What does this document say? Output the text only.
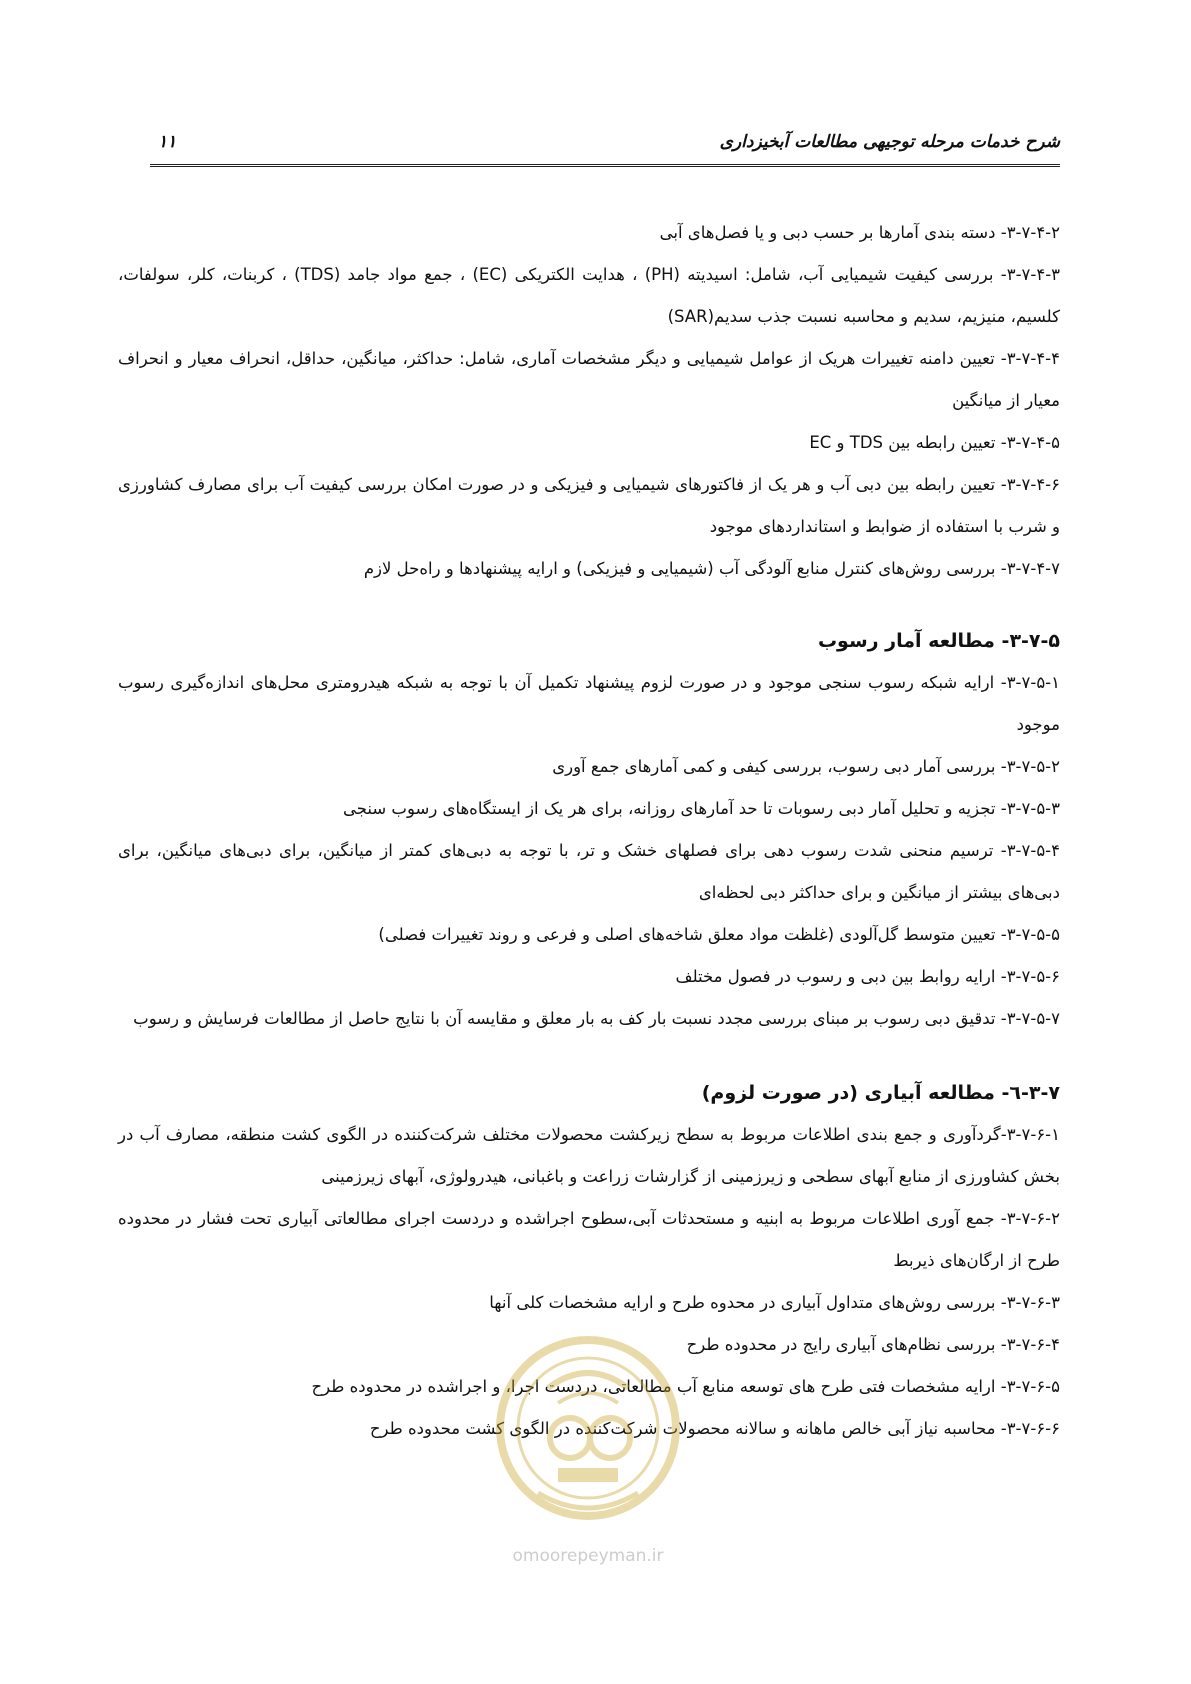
شرح خدمات مرحله توجیهی مطالعات آبخیزداری
۱۱

۳-۷-۴-۲- دسته بندی آمارها بر حسب دبی و یا فصل‌های آبی

۳-۷-۴-۳- بررسی کیفیت شیمیایی آب، شامل: اسیدیته (PH) ، هدایت الکتریکی (EC) ، جمع مواد جامد (TDS) ، کربنات، کلر، سولفات، کلسیم، منیزیم، سدیم و محاسبه نسبت جذب سدیم(SAR)

۳-۷-۴-۴- تعیین دامنه تغییرات هریک از عوامل شیمیایی و دیگر مشخصات آماری، شامل: حداکثر، میانگین، حداقل، انحراف معیار و انحراف معیار از میانگین

۳-۷-۴-۵- تعیین رابطه بین TDS و EC

۳-۷-۴-۶- تعیین رابطه بین دبی آب و هر یک از فاکتورهای شیمیایی و فیزیکی و در صورت امکان بررسی کیفیت آب برای مصارف کشاورزی و شرب با استفاده از ضوابط و استانداردهای موجود

۳-۷-۴-۷- بررسی روش‌های کنترل منابع آلودگی آب (شیمیایی و فیزیکی) و ارایه پیشنهادها و راه‌حل لازم

۳-۷-۵- مطالعه آمار رسوب

۳-۷-۵-۱- ارایه شبکه رسوب سنجی موجود و در صورت لزوم پیشنهاد تکمیل آن با توجه به شبکه هیدرومتری محل‌های اندازه‌گیری رسوب موجود

۳-۷-۵-۲- بررسی آمار دبی رسوب، بررسی کیفی و کمی آمارهای جمع آوری

۳-۷-۵-۳- تجزیه و تحلیل آمار دبی رسوبات تا حد آمارهای روزانه، برای هر یک از ایستگاه‌های رسوب سنجی

۳-۷-۵-۴- ترسیم منحنی شدت رسوب دهی برای فصلهای خشک و تر، با توجه به دبی‌های کمتر از میانگین، برای دبی‌های میانگین، برای دبی‌های بیشتر از میانگین و برای حداکثر دبی لحظه‌ای

۳-۷-۵-۵- تعیین متوسط گل‌آلودی (غلظت مواد معلق شاخه‌های اصلی و فرعی و روند تغییرات فصلی)

۳-۷-۵-۶- ارایه روابط بین دبی و رسوب در فصول مختلف

۳-۷-۵-۷- تدقیق دبی رسوب بر مبنای بررسی مجدد نسبت بار کف به بار معلق و مقایسه آن با نتایج حاصل از مطالعات فرسایش و رسوب

۳-۷-٦- مطالعه آبیاری (در صورت لزوم)

۳-۷-۶-۱-گردآوری و جمع بندی اطلاعات مربوط به سطح زیرکشت محصولات مختلف شرکت‌کننده در الگوی کشت منطقه، مصارف آب در بخش کشاورزی از منابع آبهای سطحی و زیرزمینی از گزارشات زراعت و باغبانی، هیدرولوژی، آبهای زیرزمینی

۳-۷-۶-۲- جمع آوری اطلاعات مربوط به ابنیه و مستحدثات آبی،سطوح اجراشده و دردست اجرای مطالعاتی آبیاری تحت فشار در محدوده طرح از ارگان‌های ذیربط

۳-۷-۶-۳- بررسی روش‌های متداول آبیاری در محدوه طرح و ارایه مشخصات کلی آنها

۳-۷-۶-۴- بررسی نظام‌های آبیاری رایج در محدوده طرح

۳-۷-۶-۵- ارایه مشخصات فتی طرح های توسعه منابع آب مطالعاتی، دردست اجرا، و اجراشده در محدوده طرح

۳-۷-۶-۶- محاسبه نیاز آبی خالص ماهانه و سالانه محصولات شرکت‌کننده در الگوی کشت محدوده طرح

omoorepeyman.ir
